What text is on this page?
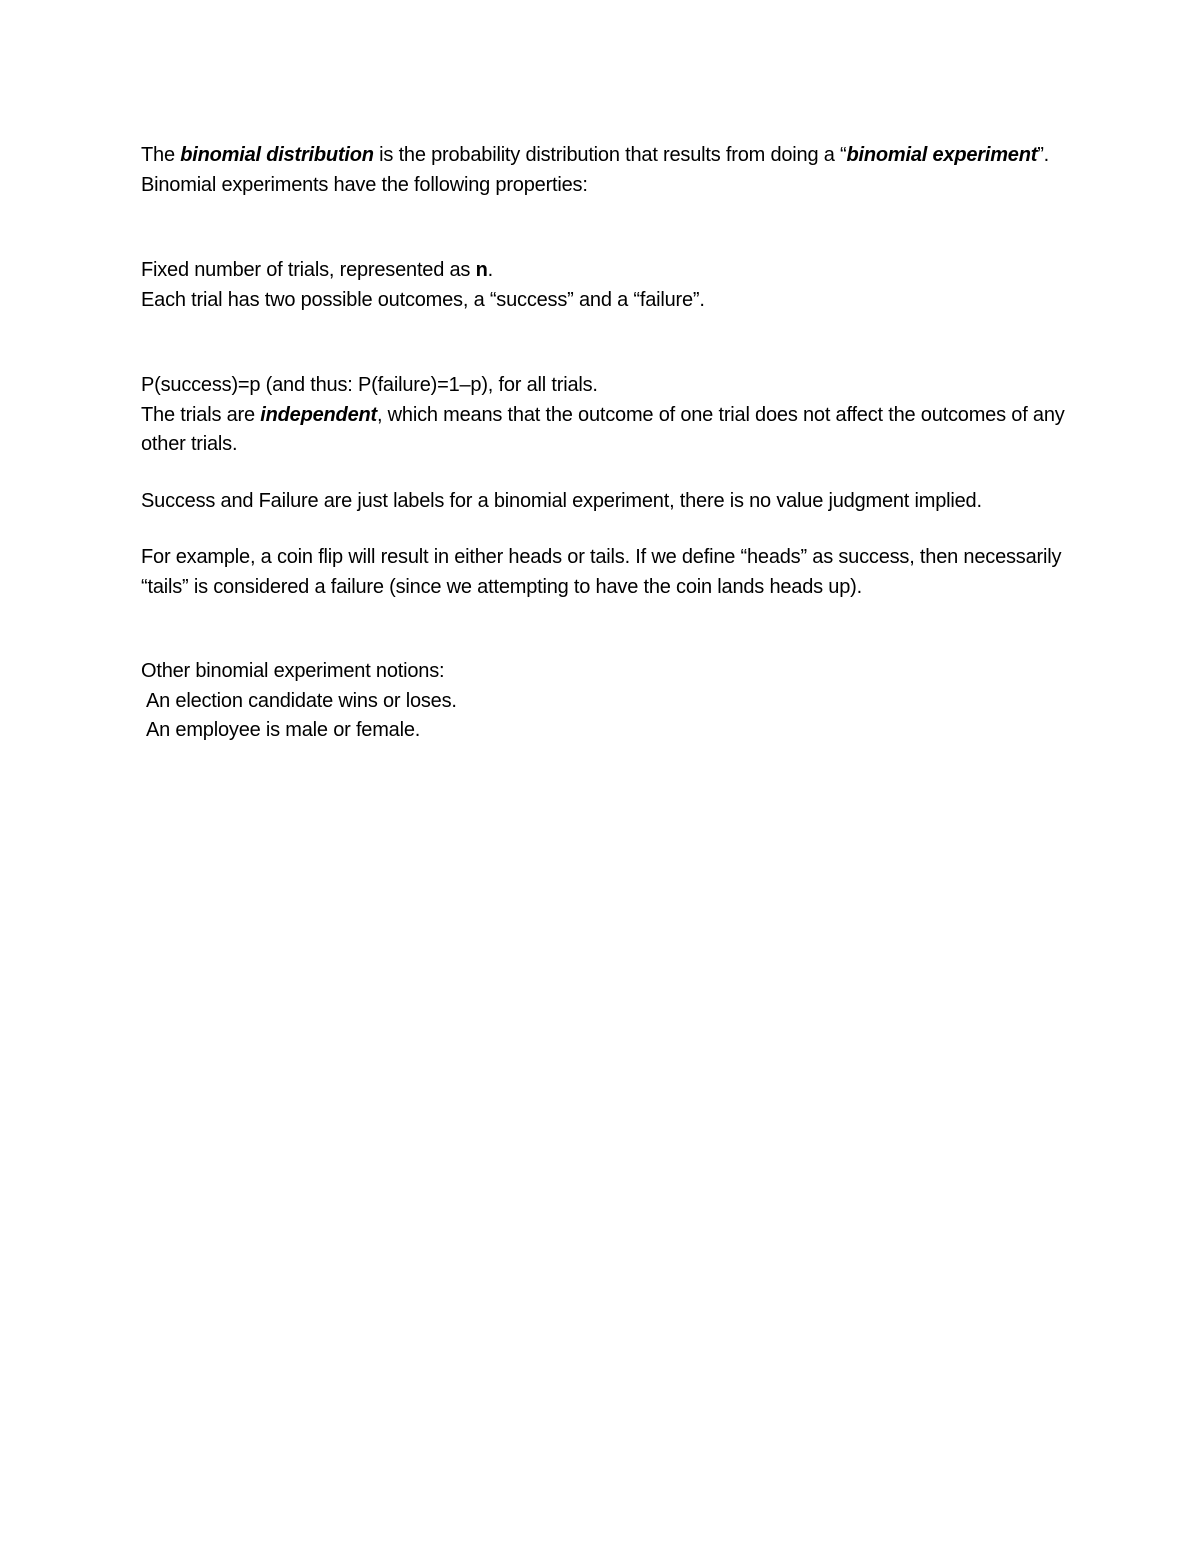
The binomial distribution is the probability distribution that results from doing a “binomial experiment”. Binomial experiments have the following properties:

Fixed number of trials, represented as n.

Each trial has two possible outcomes, a “success” and a “failure”.

P(success)=p (and thus: P(failure)=1–p), for all trials.

The trials are independent, which means that the outcome of one trial does not affect the outcomes of any other trials.

Success and Failure are just labels for a binomial experiment, there is no value judgment implied.

For example, a coin flip will result in either heads or tails. If we define “heads” as success, then necessarily “tails” is considered a failure (since we attempting to have the coin lands heads up).

Other binomial experiment notions:

An election candidate wins or loses.

An employee is male or female.
